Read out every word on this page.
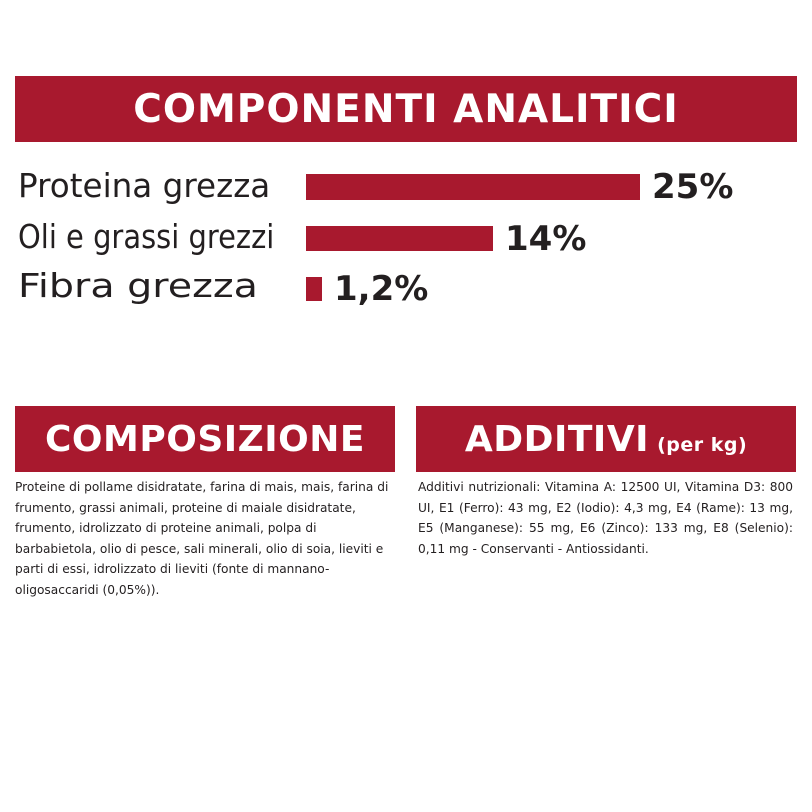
COMPONENTI ANALITICI
Proteina grezza	25%
Oli e grassi grezzi	14%
Fibra grezza 1,2%
COMPOSIZIONE

Proteine di pollame disidratate, farina di mais, mais, farina di frumento, grassi animali, proteine di maiale disidratate, frumento, idrolizzato di proteine animali, polpa di barbabietola, olio di pesce, sali minerali, olio di soia, lieviti e parti di essi, idrolizzato di lieviti (fonte di mannano-oligosaccaridi (0,05%)).

ADDITIVI (per kg)

Additivi nutrizionali: Vitamina A: 12500 UI, Vitamina D3: 800 UI, E1 (Ferro): 43 mg, E2 (Iodio): 4,3 mg, E4 (Rame): 13 mg, E5 (Manganese): 55 mg, E6 (Zinco): 133 mg, E8 (Selenio): 0,11 mg - Conservanti - Antiossidanti.
